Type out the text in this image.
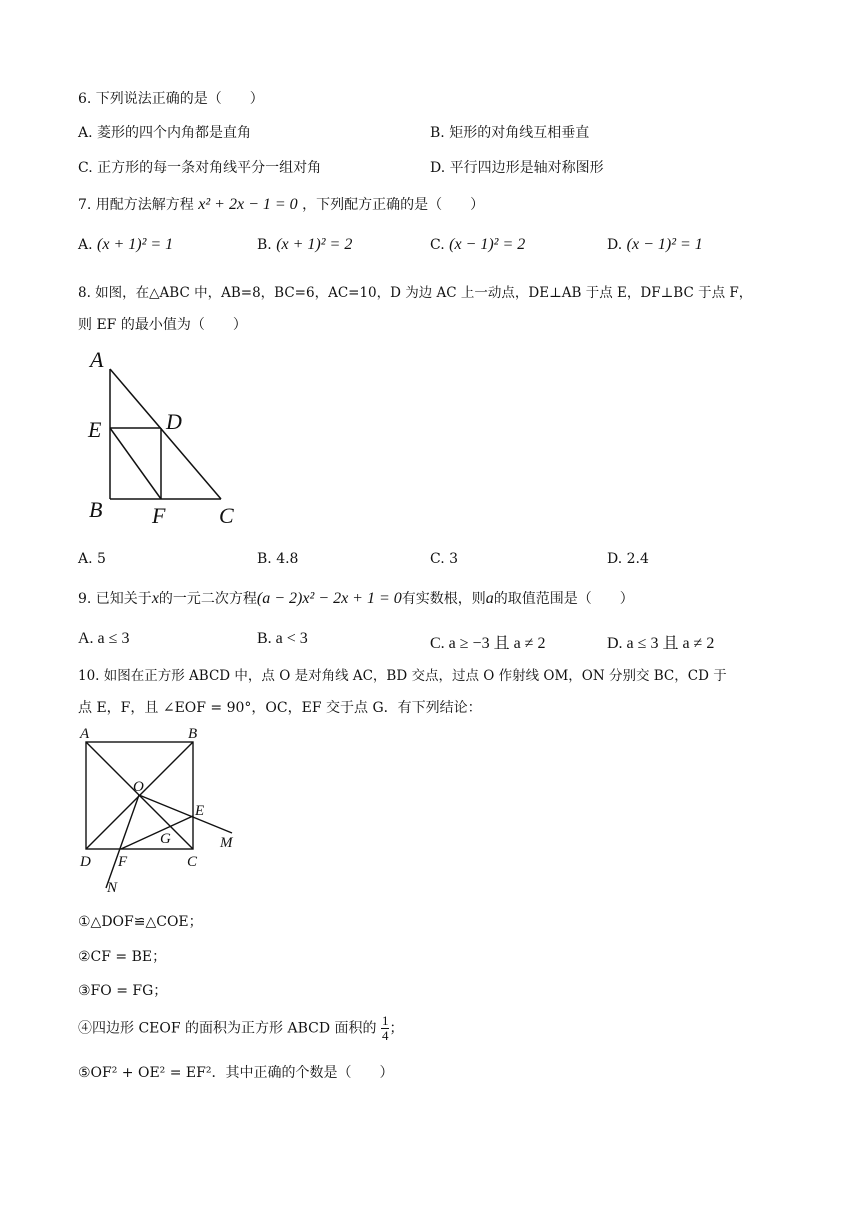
6. 下列说法正确的是（　　）
A. 菱形的四个内角都是直角	B. 矩形的对角线互相垂直
C. 正方形的每一条对角线平分一组对角	D. 平行四边形是轴对称图形
7. 用配方法解方程 x² + 2x − 1 = 0 ，下列配方正确的是（　　）
A. (x + 1)² = 1	B. (x + 1)² = 2	C. (x − 1)² = 2	D. (x − 1)² = 1
8. 如图，在△ABC 中，AB=8，BC=6，AC=10，D 为边 AC 上一动点，DE⊥AB 于点 E，DF⊥BC 于点 F，
则 EF 的最小值为（　　）
A
E	D
B F C
A. 5	B. 4.8	C. 3	D. 2.4
9. 已知关于x的一元二次方程(a − 2)x² − 2x + 1 = 0有实数根，则a的取值范围是（　　）
A. a ≤ 3	B. a < 3	C. a ≥ −3 且 a ≠ 2	D. a ≤ 3 且 a ≠ 2
10. 如图在正方形 ABCD 中，点 O 是对角线 AC，BD 交点，过点 O 作射线 OM，ON 分别交 BC，CD 于
点 E，F，且 ∠EOF = 90°，OC，EF 交于点 G．有下列结论：
A	B
O
E
M
G
D F	C
N
①△DOF≌△COE；
②CF = BE；
③FO = FG；
④四边形 CEOF 的面积为正方形 ABCD 面积的 $\frac{1}{4}$ ；
⑤OF² + OE² = EF²．其中正确的个数是（　　）
